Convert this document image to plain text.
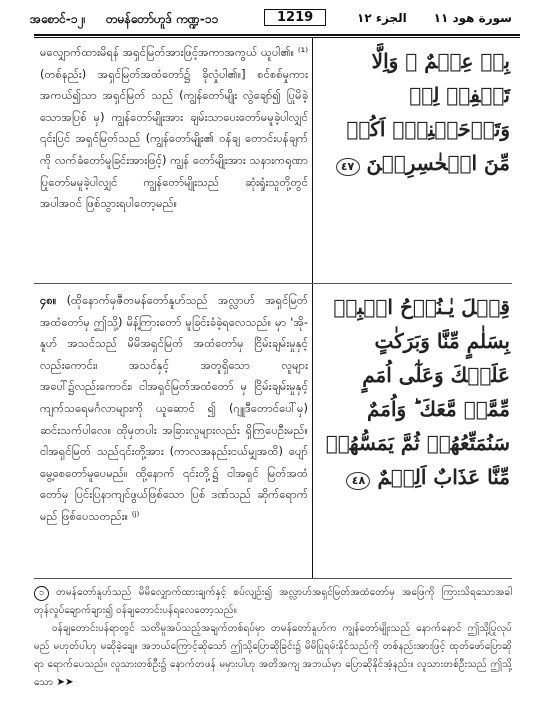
အစောင်-၁၂၊ တမန်တော်ဟူဒ် ကဏ္ဍ-၁၁	1219	الجزء ١٢ سورة هود ١١
بِهٖ عِلۡمٌ ۗ وَاِلَّا تَغۡفِرۡ لِىۡ وَتَرۡحَمۡنِىۡۤ اَكُنۡ مِّنَ الۡخٰسِرِيۡنَ ٤٧
မလျှောက်ထားမိရန် အရှင်မြတ်အားဖြင့်အကာအကွယ် ယူပါ၏။ ⁽¹⁾ (တစ်နည်း) အရှင်မြတ်အထံတော်၌ ခိုလှုံပါ၏။] စင်စစ်မှုကား အကယ်၍သာ အရှင်မြတ် သည် (ကျွန်တော်မျိုး လွဲချော်၍ ပြုမိခဲ့သောအပြစ် မှ) ကျွန်တော်မျိုးအား ချမ်းသာပေးတော်မမူခဲ့ပါလျှင် ၎င်းပြင် အရှင်မြတ်သည် (ကျွန်တော်မျိုး၏ ဝန်ချ တောင်းပန်ချက်ကို လက်ခံတော်မူခြင်းအားဖြင့်) ကျွန် တော်မျိုးအား သနားကရုဏာ ပြုတော်မမူခဲ့ပါလျှင် ကျွန်တော်မျိုးသည် ဆုံးရှုံးသူတို့တွင် အပါအဝင် ဖြစ်သွားရပါတော့မည်။
قِيۡلَ يٰـنُوۡحُ اهۡبِطۡ بِسَلٰمٍ مِّنَّا وَبَرَكٰتٍ عَلَيۡكَ وَعَلٰٓى اُمَمٍ مِّمَّنۡ مَّعَكَ ؕ وَاُمَمٌ سَنُمَتِّعُهُمۡ ثُمَّ يَمَسُّهُمۡ مِّنَّا عَذَابٌ اَلِيۡمٌ ٤٨
၄၈။ (ထိုနောက်မှဇီတမန်တော်နူဟ်သည် အလ္လာဟ် အရှင်မြတ် အထံတော်မှ ဤသို့) မိန့်ကြားတော် မူခြင်းခံခဲ့ရလေသည်။ မှာ 'အို-နူဟ် အသင်သည် မိမိအရှင်မြတ် အထံတော်မှ ငြိမ်းချမ်းမှုနှင့်လည်းကောင်း၊ အသင်နှင့် အတူရှိသော လူများအပေါ်၌လည်းကောင်း၊ ငါအရှင်မြတ်အထံတော် မှ ငြိမ်းချမ်းမှုနှင့် ကျက်သရေမင်္ဂလာများကို ယူဆောင် ၍ (ဂျူဒီတောင်ပေါ်မှ) ဆင်းသက်ပါလေ။ ထိုမှတပါး အခြားလူများလည်း ရှိကြပေဦးမည်။ ငါအရှင်မြတ် သည်၎င်းတို့အား (ကာလအနည်းငယ်မျှအထိ) ပျော် မွေ့စေတော်မူပေမည်။ ထို့နောက် ၎င်းတို့၌ ငါအရှင် မြတ်အထံတော်မှ ပြင်းပြနာကျင်ဖွယ်ဖြစ်သော ပြစ် ဒဏ်သည် ဆိုက်ရောက်မည် ဖြစ်ပေသတည်း။ ⁽ʲ⁾

၁ တမန်တော်နူဟ်သည် မိမိလျှောက်ထားချက်နှင့် စပ်လျဉ်း၍ အလ္လာဟ်အရှင်မြတ်အထံတော်မှ အဖြေကို ကြားသိရသောအခါ တုန်လှုပ်ချောက်ချား၍ ဝန်ချတောင်းပန်ရလေတော့သည်။

ဝန်ချတောင်းပန်ရာတွင် သတိမူအပ်သည့်အချက်တစ်ရပ်မှာ တမန်တော်နူဟ်က ကျွန်တော်မျိုးသည် နောက်နောင် ဤသို့ပြုလုပ်မည် မဟုတ်ပါဟု မဆိုခဲ့ချေ။ အဘယ်ကြောင့်ဆိုသော် ဤသို့ပြောဆိုခြင်း၌ မိမိပြုရမ်းနိုင်သည်ကို တစ်နည်းအားဖြင့် ထုတ်ဖော်ပြောဆိုရာ ရောက်ပေသည်။ လူသားတစ်ဦး၌ နောက်တဖန် မမှားပါဟု အတိအကျ အဘယ်မှာ ပြောဆိုနိုင်အံ့နည်း။ လူသားတစ်ဦးသည် ဤသို့သော ➤➤
